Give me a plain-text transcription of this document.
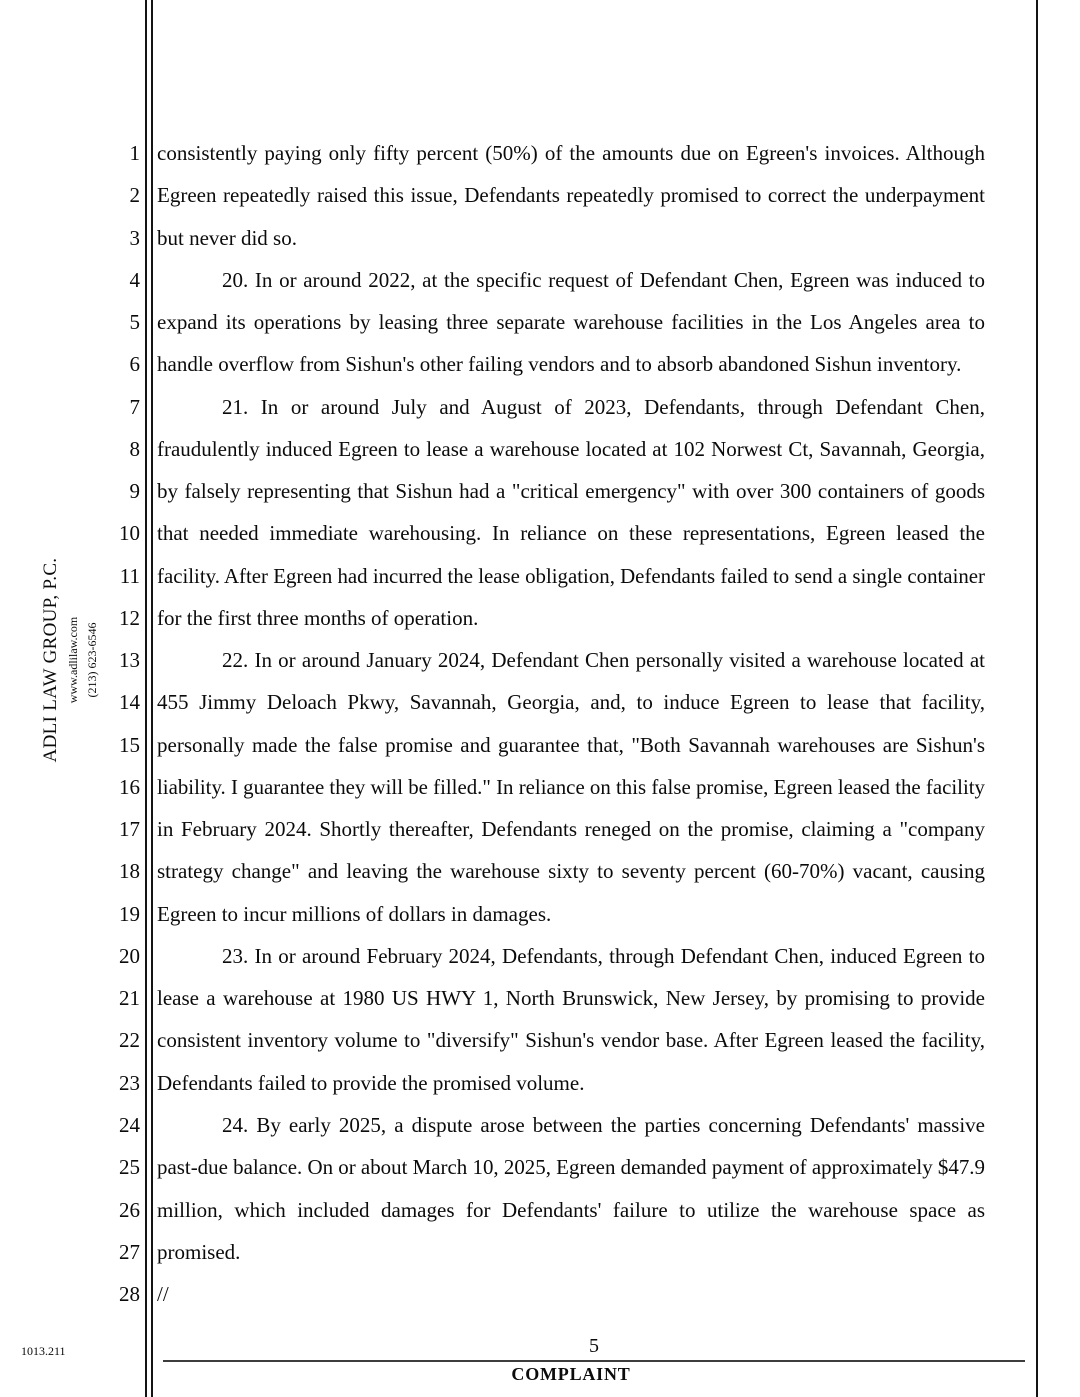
ADLI LAW GROUP, P.C. www.adlilaw.com (213) 623-6546
1
2
3
4
5
6
7
8
9
10
11
12
13
14
15
16
17
18
19
20
21
22
23
24
25
26
27
28
consistently paying only fifty percent (50%) of the amounts due on Egreen's invoices. Although
Egreen repeatedly raised this issue, Defendants repeatedly promised to correct the underpayment
but never did so.
20. In or around 2022, at the specific request of Defendant Chen, Egreen was induced to
expand its operations by leasing three separate warehouse facilities in the Los Angeles area to
handle overflow from Sishun's other failing vendors and to absorb abandoned Sishun inventory.
21. In or around July and August of 2023, Defendants, through Defendant Chen,
fraudulently induced Egreen to lease a warehouse located at 102 Norwest Ct, Savannah, Georgia,
by falsely representing that Sishun had a "critical emergency" with over 300 containers of goods
that needed immediate warehousing. In reliance on these representations, Egreen leased the
facility. After Egreen had incurred the lease obligation, Defendants failed to send a single container
for the first three months of operation.
22. In or around January 2024, Defendant Chen personally visited a warehouse located at
455 Jimmy Deloach Pkwy, Savannah, Georgia, and, to induce Egreen to lease that facility,
personally made the false promise and guarantee that, "Both Savannah warehouses are Sishun's
liability. I guarantee they will be filled." In reliance on this false promise, Egreen leased the facility
in February 2024. Shortly thereafter, Defendants reneged on the promise, claiming a "company
strategy change" and leaving the warehouse sixty to seventy percent (60-70%) vacant, causing
Egreen to incur millions of dollars in damages.
23. In or around February 2024, Defendants, through Defendant Chen, induced Egreen to
lease a warehouse at 1980 US HWY 1, North Brunswick, New Jersey, by promising to provide
consistent inventory volume to "diversify" Sishun's vendor base. After Egreen leased the facility,
Defendants failed to provide the promised volume.
24. By early 2025, a dispute arose between the parties concerning Defendants' massive
past-due balance. On or about March 10, 2025, Egreen demanded payment of approximately $47.9
million, which included damages for Defendants' failure to utilize the warehouse space as
promised.
//
1013.211	5
COMPLAINT
